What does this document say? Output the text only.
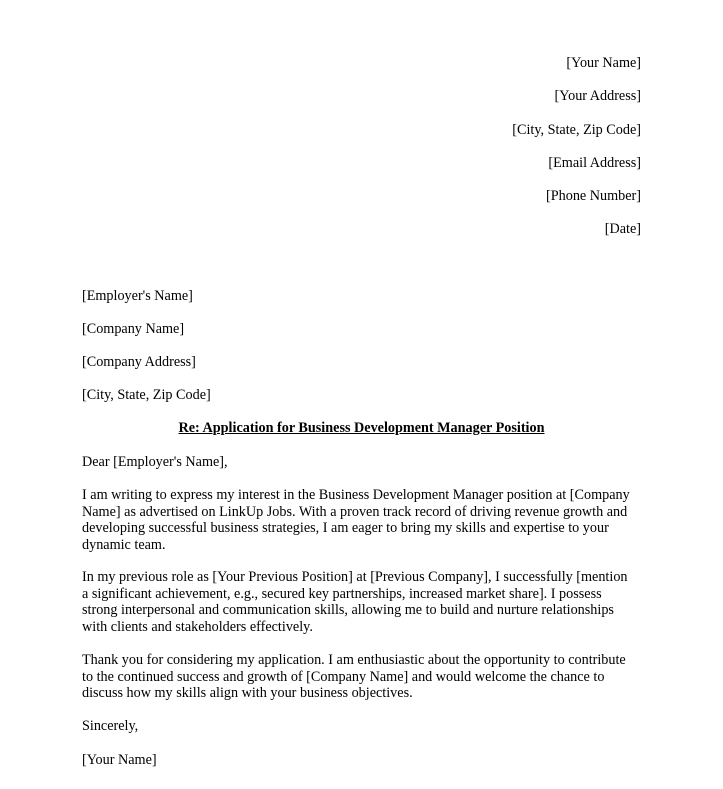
[Your Name]
[Your Address]
[City, State, Zip Code]
[Email Address]
[Phone Number]
[Date]
[Employer's Name]
[Company Name]
[Company Address]
[City, State, Zip Code]
Re: Application for Business Development Manager Position
Dear [Employer's Name],
I am writing to express my interest in the Business Development Manager position at [Company
Name] as advertised on LinkUp Jobs. With a proven track record of driving revenue growth and
developing successful business strategies, I am eager to bring my skills and expertise to your
dynamic team.
In my previous role as [Your Previous Position] at [Previous Company], I successfully [mention
a significant achievement, e.g., secured key partnerships, increased market share]. I possess
strong interpersonal and communication skills, allowing me to build and nurture relationships
with clients and stakeholders effectively.
Thank you for considering my application. I am enthusiastic about the opportunity to contribute
to the continued success and growth of [Company Name] and would welcome the chance to
discuss how my skills align with your business objectives.
Sincerely,
[Your Name]
